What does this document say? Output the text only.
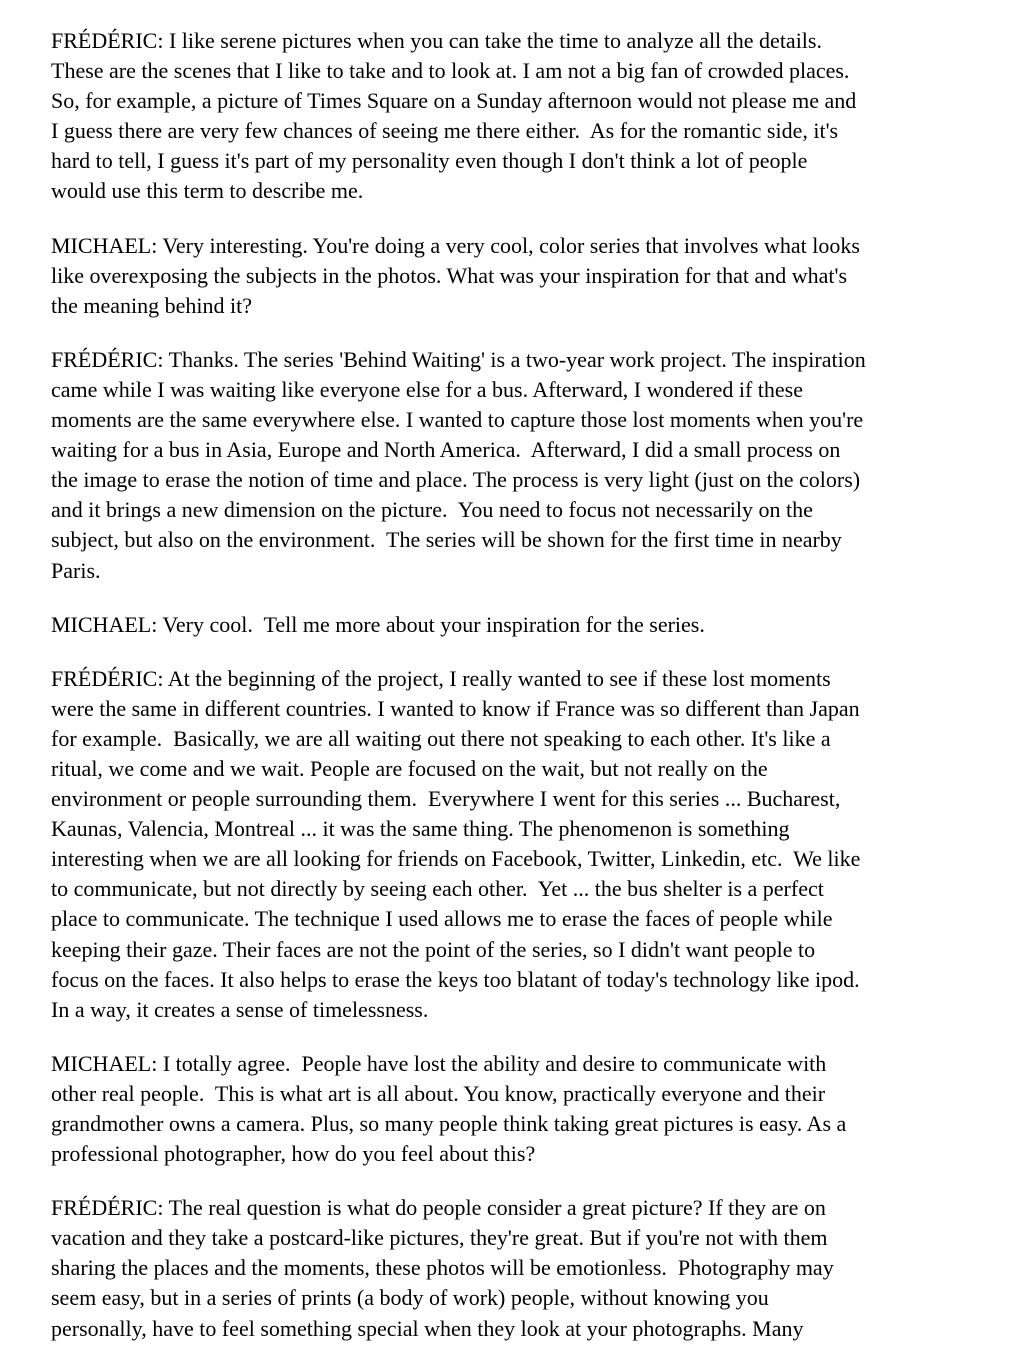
FRÉDÉRIC: I like serene pictures when you can take the time to analyze all the details.
These are the scenes that I like to take and to look at. I am not a big fan of crowded places.
So, for example, a picture of Times Square on a Sunday afternoon would not please me and
I guess there are very few chances of seeing me there either.  As for the romantic side, it's
hard to tell, I guess it's part of my personality even though I don't think a lot of people
would use this term to describe me.

MICHAEL: Very interesting. You're doing a very cool, color series that involves what looks
like overexposing the subjects in the photos. What was your inspiration for that and what's
the meaning behind it?

FRÉDÉRIC: Thanks. The series 'Behind Waiting' is a two-year work project. The inspiration
came while I was waiting like everyone else for a bus. Afterward, I wondered if these
moments are the same everywhere else. I wanted to capture those lost moments when you're
waiting for a bus in Asia, Europe and North America.  Afterward, I did a small process on
the image to erase the notion of time and place. The process is very light (just on the colors)
and it brings a new dimension on the picture.  You need to focus not necessarily on the
subject, but also on the environment.  The series will be shown for the first time in nearby
Paris.

MICHAEL: Very cool.  Tell me more about your inspiration for the series.

FRÉDÉRIC: At the beginning of the project, I really wanted to see if these lost moments
were the same in different countries. I wanted to know if France was so different than Japan
for example.  Basically, we are all waiting out there not speaking to each other. It's like a
ritual, we come and we wait. People are focused on the wait, but not really on the
environment or people surrounding them.  Everywhere I went for this series ... Bucharest,
Kaunas, Valencia, Montreal ... it was the same thing. The phenomenon is something
interesting when we are all looking for friends on Facebook, Twitter, Linkedin, etc.  We like
to communicate, but not directly by seeing each other.  Yet ... the bus shelter is a perfect
place to communicate. The technique I used allows me to erase the faces of people while
keeping their gaze. Their faces are not the point of the series, so I didn't want people to
focus on the faces. It also helps to erase the keys too blatant of today's technology like ipod.
In a way, it creates a sense of timelessness.

MICHAEL: I totally agree.  People have lost the ability and desire to communicate with
other real people.  This is what art is all about. You know, practically everyone and their
grandmother owns a camera. Plus, so many people think taking great pictures is easy. As a
professional photographer, how do you feel about this?

FRÉDÉRIC: The real question is what do people consider a great picture? If they are on
vacation and they take a postcard-like pictures, they're great. But if you're not with them
sharing the places and the moments, these photos will be emotionless.  Photography may
seem easy, but in a series of prints (a body of work) people, without knowing you
personally, have to feel something special when they look at your photographs. Many
